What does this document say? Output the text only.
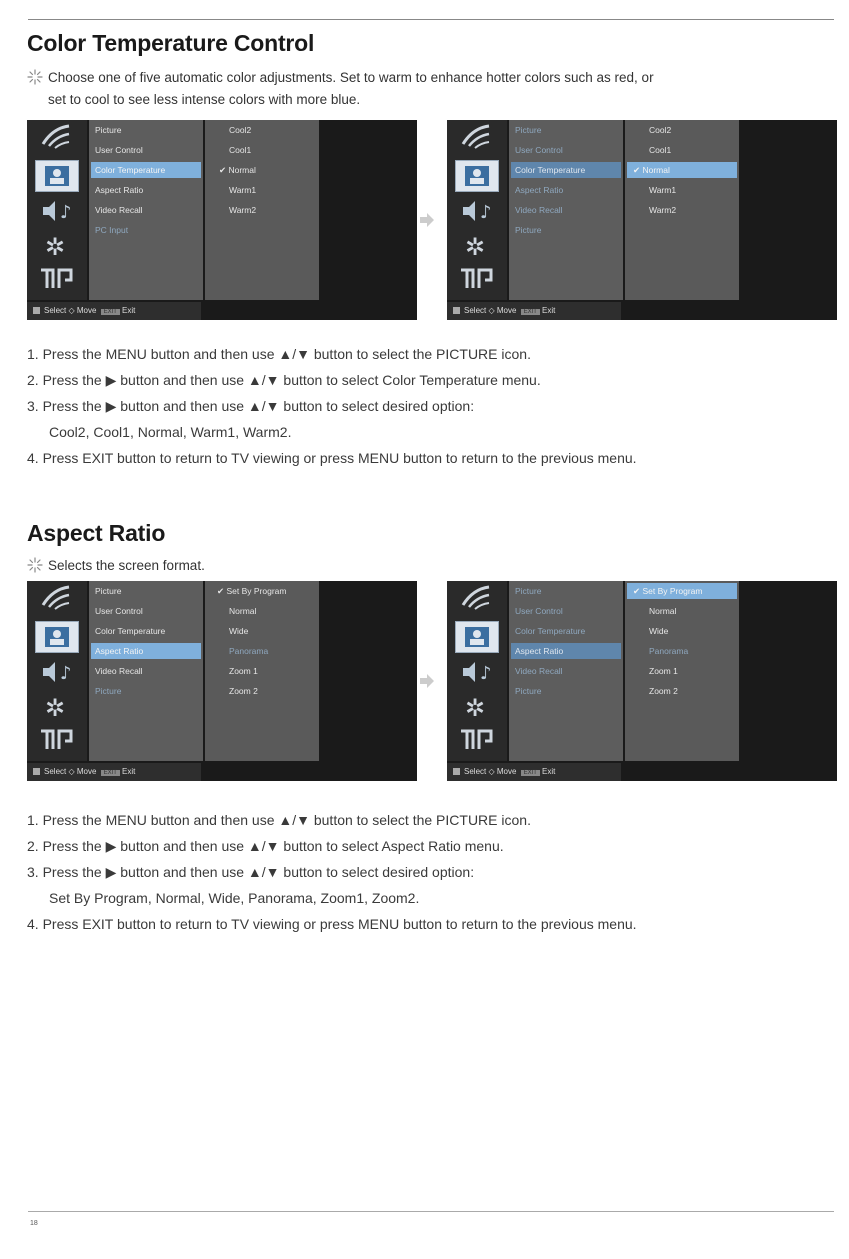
Color Temperature Control
Choose one of five automatic color adjustments. Set to warm to enhance hotter colors such as red, or
set to cool to see less intense colors with more blue.
♪
✲
Picture
User Control
Color Temperature
Aspect Ratio
Video Recall
PC Input
Cool2
Cool1
✔ Normal
Warm1
Warm2
Select ◇ Move EXIT Exit
♪
✲
Picture
User Control
Color Temperature
Aspect Ratio
Video Recall
Picture
Cool2
Cool1
✔ Normal
Warm1
Warm2
Select ◇ Move EXIT Exit
1. Press the MENU button and then use ▲/▼ button to select the PICTURE icon.
2. Press the ▶ button and then use ▲/▼ button to select Color Temperature menu.
3. Press the ▶ button and then use ▲/▼ button to select desired option:
Cool2, Cool1, Normal, Warm1, Warm2.
4. Press EXIT button to return to TV viewing or press MENU button to return to the previous menu.
Aspect Ratio
Selects the screen format.
♪
✲
Picture
User Control
Color Temperature
Aspect Ratio
Video Recall
Picture
✔ Set By Program
Normal
Wide
Panorama
Zoom 1
Zoom 2
Select ◇ Move EXIT Exit
♪
✲
Picture
User Control
Color Temperature
Aspect Ratio
Video Recall
Picture
✔ Set By Program
Normal
Wide
Panorama
Zoom 1
Zoom 2
Select ◇ Move EXIT Exit
1. Press the MENU button and then use ▲/▼ button to select the PICTURE icon.
2. Press the ▶ button and then use ▲/▼ button to select Aspect Ratio menu.
3. Press the ▶ button and then use ▲/▼ button to select desired option:
Set By Program, Normal, Wide, Panorama, Zoom1, Zoom2.
4. Press EXIT button to return to TV viewing or press MENU button to return to the previous menu.
18
